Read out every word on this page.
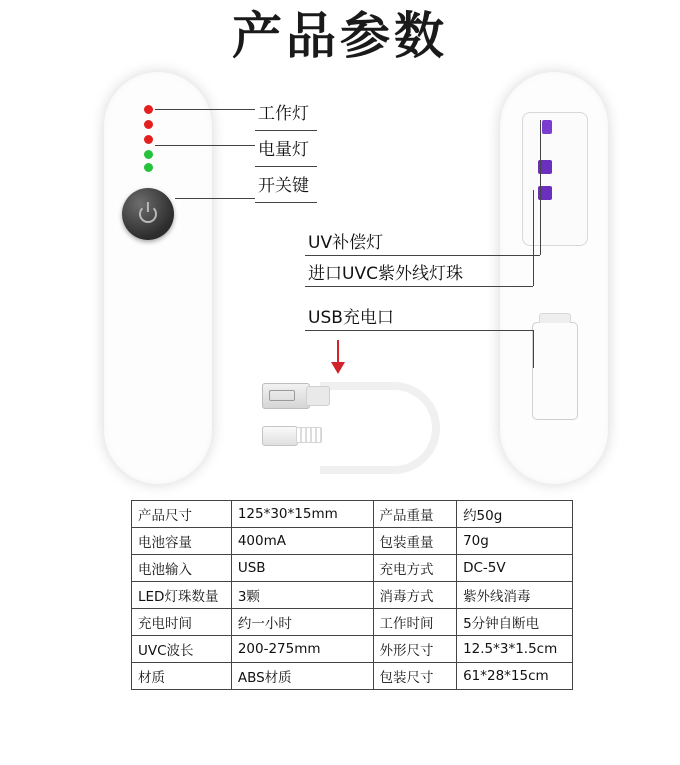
产品参数
工作灯
电量灯
开关键
UV补偿灯
进口UVC紫外线灯珠
USB充电口
产品尺寸	125*30*15mm	产品重量	约50g
电池容量	400mA	包装重量	70g
电池输入	USB	充电方式	DC-5V
LED灯珠数量	3颗	消毒方式	紫外线消毒
充电时间	约一小时	工作时间	5分钟自断电
UVC波长	200-275mm	外形尺寸	12.5*3*1.5cm
材质	ABS材质	包装尺寸	61*28*15cm
